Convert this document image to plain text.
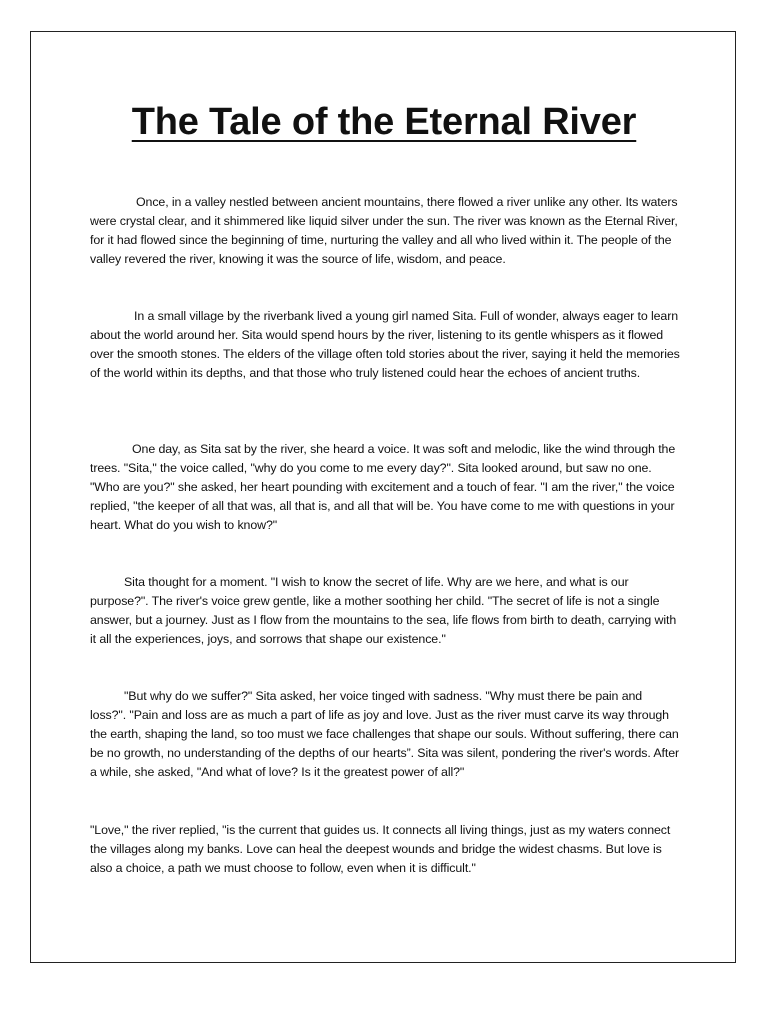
The Tale of the Eternal River

Once, in a valley nestled between ancient mountains, there flowed a river unlike any other. Its waters were crystal clear, and it shimmered like liquid silver under the sun. The river was known as the Eternal River, for it had flowed since the beginning of time, nurturing the valley and all who lived within it. The people of the valley revered the river, knowing it was the source of life, wisdom, and peace.

In a small village by the riverbank lived a young girl named Sita. Full of wonder, always eager to learn about the world around her. Sita would spend hours by the river, listening to its gentle whispers as it flowed over the smooth stones. The elders of the village often told stories about the river, saying it held the memories of the world within its depths, and that those who truly listened could hear the echoes of ancient truths.

One day, as Sita sat by the river, she heard a voice. It was soft and melodic, like the wind through the trees. "Sita," the voice called, "why do you come to me every day?". Sita looked around, but saw no one. "Who are you?" she asked, her heart pounding with excitement and a touch of fear. "I am the river," the voice replied, "the keeper of all that was, all that is, and all that will be. You have come to me with questions in your heart. What do you wish to know?"

Sita thought for a moment. "I wish to know the secret of life. Why are we here, and what is our purpose?". The river's voice grew gentle, like a mother soothing her child. "The secret of life is not a single answer, but a journey. Just as I flow from the mountains to the sea, life flows from birth to death, carrying with it all the experiences, joys, and sorrows that shape our existence."

"But why do we suffer?" Sita asked, her voice tinged with sadness. "Why must there be pain and loss?". "Pain and loss are as much a part of life as joy and love. Just as the river must carve its way through the earth, shaping the land, so too must we face challenges that shape our souls. Without suffering, there can be no growth, no understanding of the depths of our hearts”. Sita was silent, pondering the river's words. After a while, she asked, "And what of love? Is it the greatest power of all?"

"Love," the river replied, "is the current that guides us. It connects all living things, just as my waters connect the villages along my banks. Love can heal the deepest wounds and bridge the widest chasms. But love is also a choice, a path we must choose to follow, even when it is difficult."
